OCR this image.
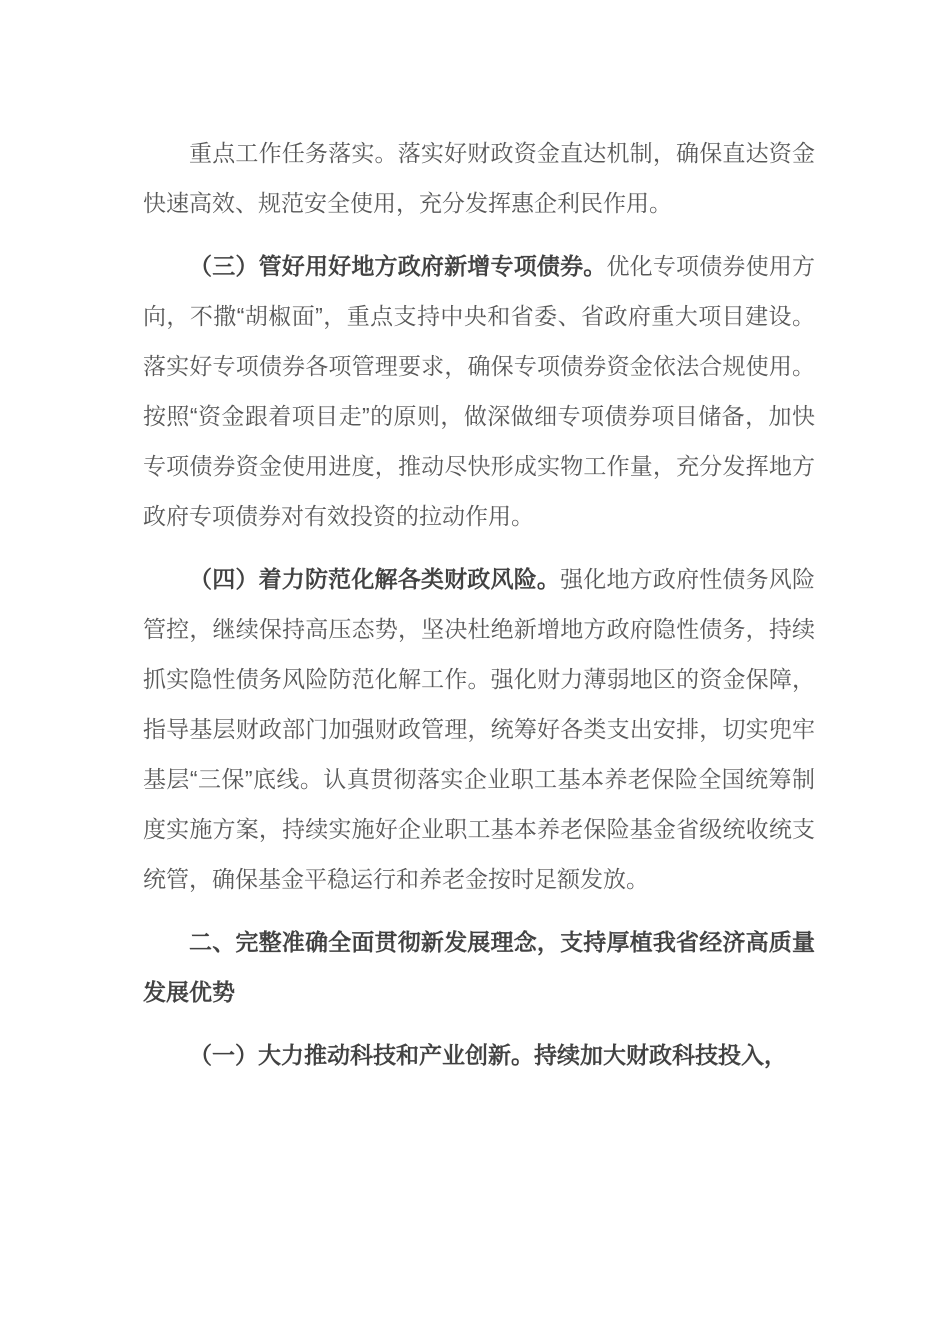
重点工作任务落实。落实好财政资金直达机制，确保直达资金快速高效、规范安全使用，充分发挥惠企利民作用。

（三）管好用好地方政府新增专项债券。优化专项债券使用方向，不撒“胡椒面”，重点支持中央和省委、省政府重大项目建设。落实好专项债券各项管理要求，确保专项债券资金依法合规使用。按照“资金跟着项目走”的原则，做深做细专项债券项目储备，加快专项债券资金使用进度，推动尽快形成实物工作量，充分发挥地方政府专项债券对有效投资的拉动作用。

（四）着力防范化解各类财政风险。强化地方政府性债务风险管控，继续保持高压态势，坚决杜绝新增地方政府隐性债务，持续抓实隐性债务风险防范化解工作。强化财力薄弱地区的资金保障，指导基层财政部门加强财政管理，统筹好各类支出安排，切实兜牢基层“三保”底线。认真贯彻落实企业职工基本养老保险全国统筹制度实施方案，持续实施好企业职工基本养老保险基金省级统收统支统管，确保基金平稳运行和养老金按时足额发放。

二、完整准确全面贯彻新发展理念，支持厚植我省经济高质量发展优势

（一）大力推动科技和产业创新。持续加大财政科技投入，
